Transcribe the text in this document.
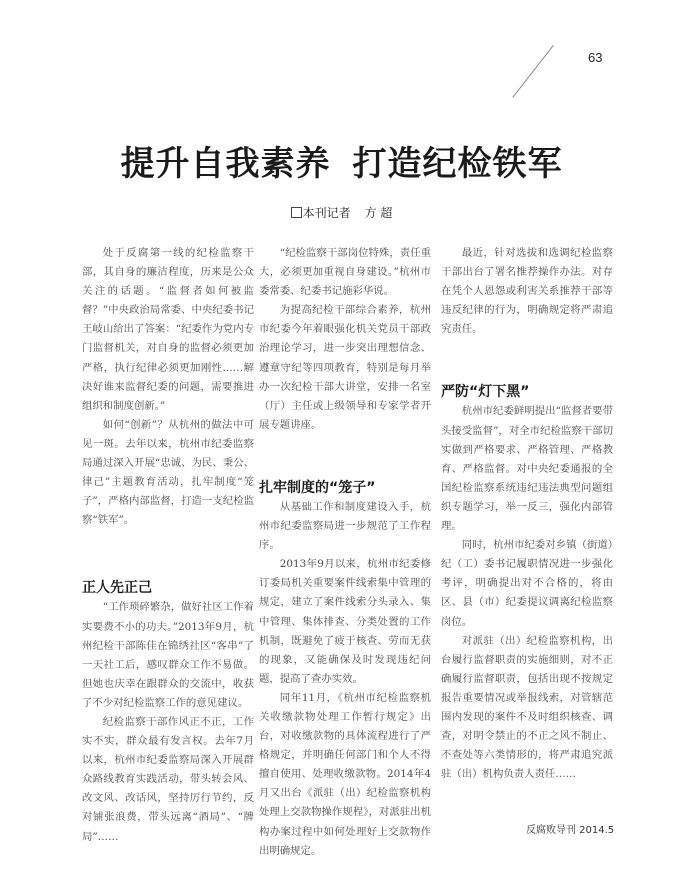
63
提升自我素养 打造纪检铁军
本刊记者 方 超

处于反腐第一线的纪检监察干部，其自身的廉洁程度，历来是公众关注的话题。“监督者如何被监督？”中央政治局常委、中央纪委书记王岐山给出了答案：“纪委作为党内专门监督机关，对自身的监督必须更加严格，执行纪律必须更加刚性……解决好谁来监督纪委的问题，需要推进组织和制度创新。”

如何“创新”？从杭州的做法中可见一斑。去年以来，杭州市纪委监察局通过深入开展“忠诚、为民、秉公、律己”主题教育活动，扎牢制度“笼子”，严格内部监督，打造一支纪检监察“铁军”。

正人先正己

“工作琐碎繁杂，做好社区工作着实要费不小的功夫。”2013年9月，杭州纪检干部陈佳在锦绣社区“客串”了一天社工后，感叹群众工作不易做。但她也庆幸在跟群众的交流中，收获了不少对纪检监察工作的意见建议。

纪检监察干部作风正不正，工作实不实，群众最有发言权。去年7月以来，杭州市纪委监察局深入开展群众路线教育实践活动，带头转会风、改文风、改话风，坚持厉行节约，反对铺张浪费，带头远离“酒局”、“牌局”……

“纪检监察干部岗位特殊，责任重大，必须更加重视自身建设。”杭州市委常委、纪委书记施彩华说。

为提高纪检干部综合素养，杭州市纪委今年着眼强化机关党员干部政治理论学习，进一步突出理想信念、遵章守纪等四项教育，特别是每月举办一次纪检干部大讲堂，安排一名室（厅）主任或上级领导和专家学者开展专题讲座。

扎牢制度的“笼子”

从基础工作和制度建设入手，杭州市纪委监察局进一步规范了工作程序。

2013年9月以来，杭州市纪委修订委局机关重要案件线索集中管理的规定，建立了案件线索分头录入、集中管理、集体排查、分类处置的工作机制，既避免了疲于核查、劳而无获的现象，又能确保及时发现违纪问题，提高了查办实效。

同年11月，《杭州市纪检监察机关收缴款物处理工作暂行规定》出台，对收缴款物的具体流程进行了严格规定，并明确任何部门和个人不得擅自使用、处理收缴款物。2014年4月又出台《派驻（出）纪检监察机构处理上交款物操作规程》，对派驻出机构办案过程中如何处理好上交款物作出明确规定。

最近，针对选拔和选调纪检监察干部出台了署名推荐操作办法。对存在凭个人恩怨或利害关系推荐干部等违反纪律的行为，明确规定将严肃追究责任。

严防“灯下黑”

杭州市纪委鲜明提出“监督者要带头接受监督”，对全市纪检监察干部切实做到严格要求、严格管理、严格教育、严格监督。对中央纪委通报的全国纪检监察系统违纪违法典型问题组织专题学习，举一反三，强化内部管理。

同时，杭州市纪委对乡镇（街道）纪（工）委书记履职情况进一步强化考评，明确提出对不合格的，将由区、县（市）纪委提议调离纪检监察岗位。

对派驻（出）纪检监察机构，出台履行监督职责的实施细则，对不正确履行监督职责，包括出现不按规定报告重要情况或举报线索，对管辖范围内发现的案件不及时组织核查、调查，对明令禁止的不正之风不制止、不查处等六类情形的，将严肃追究派驻（出）机构负责人责任……

反腐败导刊 2014.5
